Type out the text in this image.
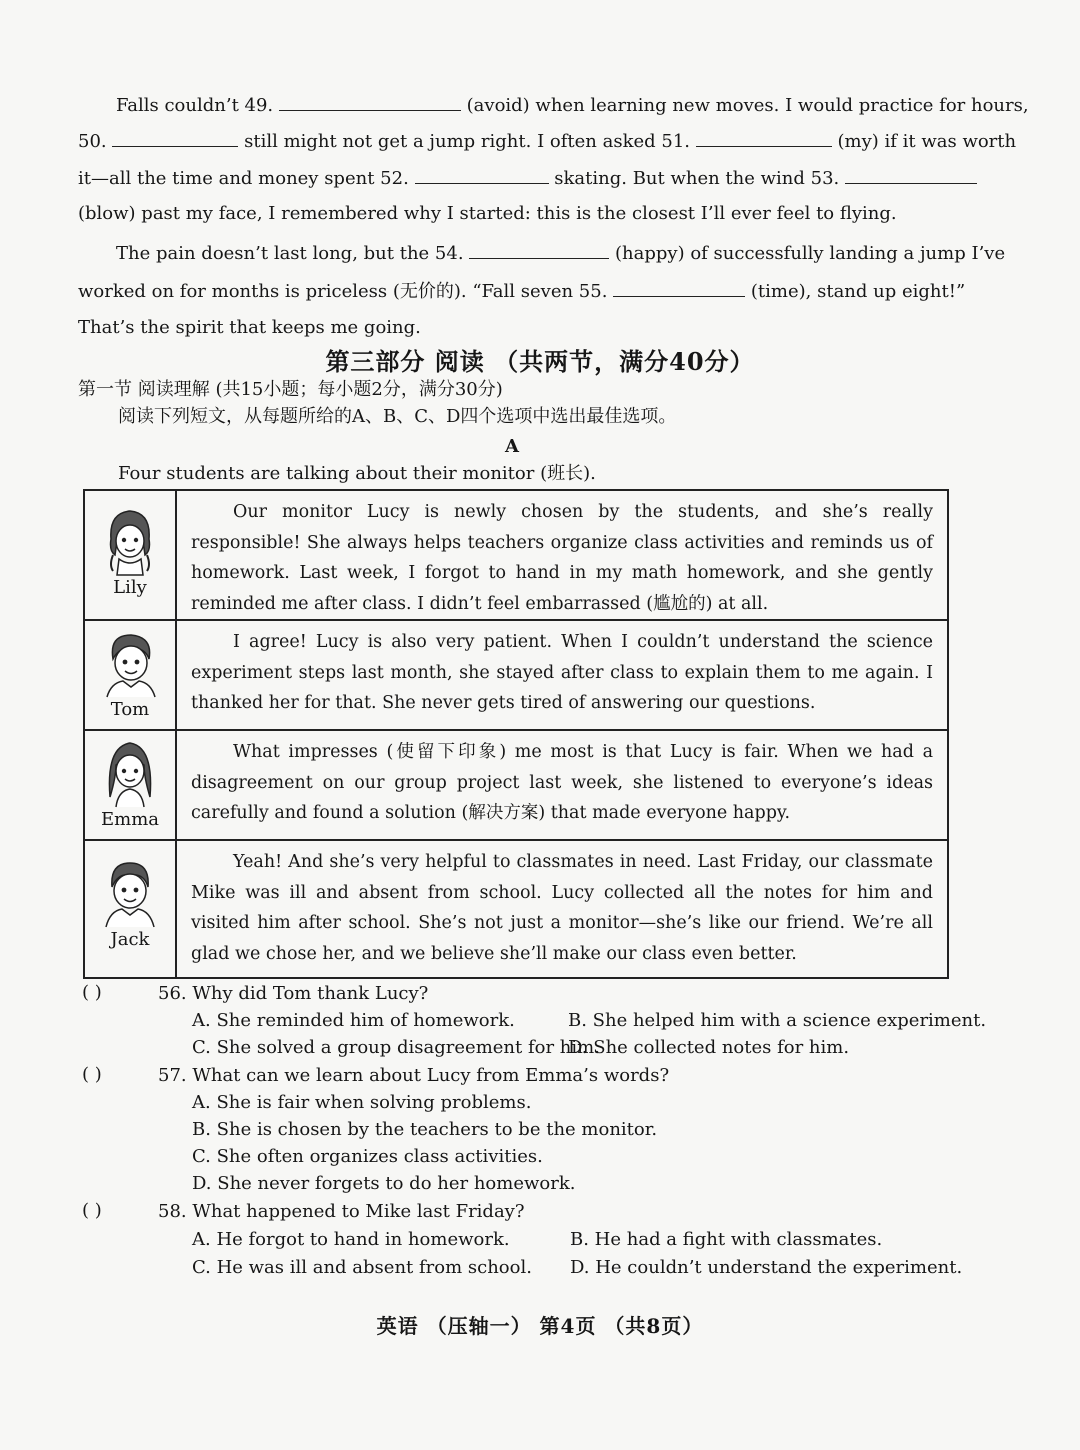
Falls couldn’t 49.	(avoid) when learning new moves. I would practice for hours,
50.	still might not get a jump right. I often asked 51.	(my) if it was worth
it—all the time and money spent 52.	skating. But when the wind 53.
(blow) past my face, I remembered why I started: this is the closest I’ll ever feel to flying.
The pain doesn’t last long, but the 54.	(happy) of successfully landing a jump I’ve
worked on for months is priceless (无价的). “Fall seven 55.	(time), stand up eight!”
That’s the spirit that keeps me going.
第三部分 阅读 （共两节，满分40分）
第一节 阅读理解 (共15小题；每小题2分，满分30分)
阅读下列短文，从每题所给的A、B、C、D四个选项中选出最佳选项。
A
Four students are talking about their monitor (班长).
Lily	Our monitor Lucy is newly chosen by the students, and she’s really responsible! She always helps teachers organize class activities and reminds us of homework. Last week, I forgot to hand in my math homework, and she gently reminded me after class. I didn’t feel embarrassed (尴尬的) at all.

Tom	I agree! Lucy is also very patient. When I couldn’t understand the science experiment steps last month, she stayed after class to explain them to me again. I thanked her for that. She never gets tired of answering our questions.

Emma	What impresses (使留下印象) me most is that Lucy is fair. When we had a disagreement on our group project last week, she listened to everyone’s ideas carefully and found a solution (解决方案) that made everyone happy.

Jack	Yeah! And she’s very helpful to classmates in need. Last Friday, our classmate Mike was ill and absent from school. Lucy collected all the notes for him and visited him after school. She’s not just a monitor—she’s like our friend. We’re all glad we chose her, and we believe she’ll make our class even better.
( )	56. Why did Tom thank Lucy?
A. She reminded him of homework.	B. She helped him with a science experiment.
C. She solved a group disagreement for him.
D. She collected notes for him.
( )	57. What can we learn about Lucy from Emma’s words?
A. She is fair when solving problems.
B. She is chosen by the teachers to be the monitor.
C. She often organizes class activities.
D. She never forgets to do her homework.
( )	58. What happened to Mike last Friday?
A. He forgot to hand in homework.	B. He had a fight with classmates.
C. He was ill and absent from school. D. He couldn’t understand the experiment.
英语 （压轴一） 第4页 （共8页）
